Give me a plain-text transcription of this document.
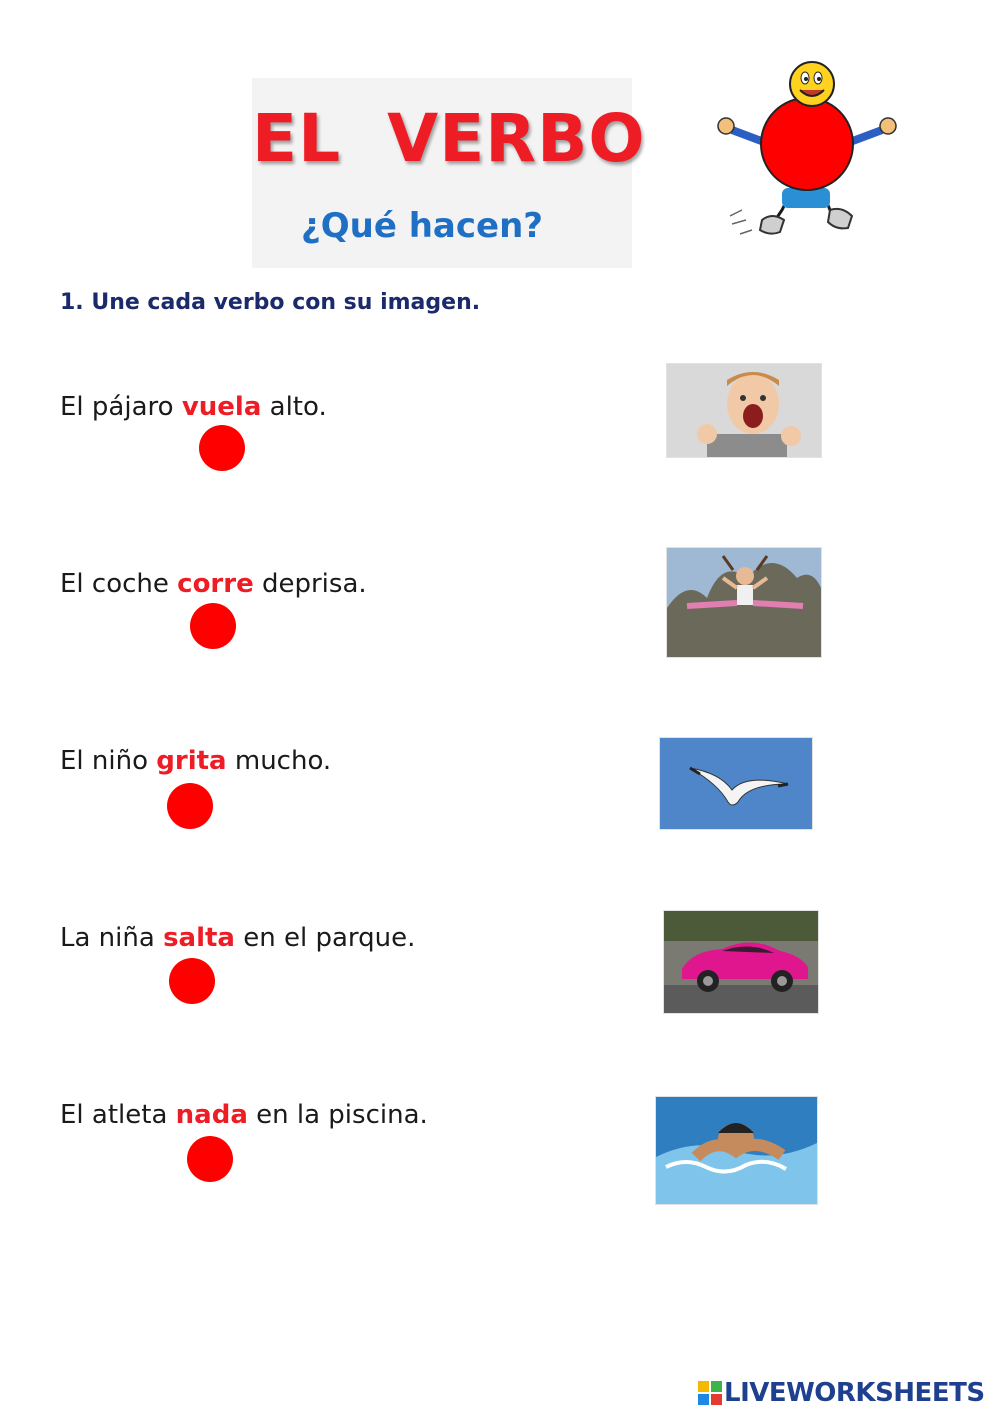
EL VERBO
¿Qué hacen?
1. Une cada verbo con su imagen.
El pájaro vuela alto.
El coche corre deprisa.
El niño grita mucho.
La niña salta en el parque.
El atleta nada en la piscina.
LIVEWORKSHEETS
